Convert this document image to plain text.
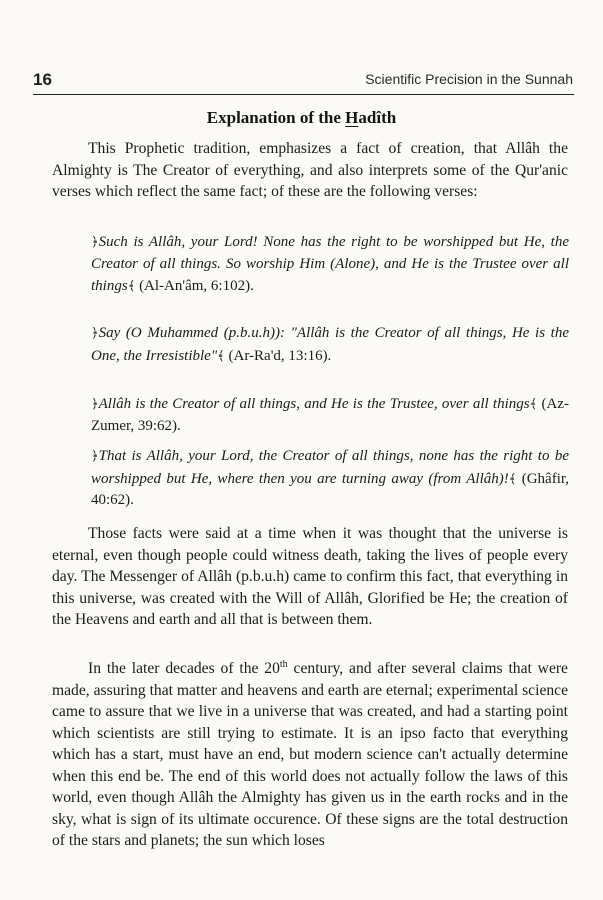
16	Scientific Precision in the Sunnah
Explanation of the Hadîth
This Prophetic tradition, emphasizes a fact of creation, that Allâh the Almighty is The Creator of everything, and also interprets some of the Qur'anic verses which reflect the same fact; of these are the following verses:
﴿Such is Allâh, your Lord! None has the right to be worshipped but He, the Creator of all things. So worship Him (Alone), and He is the Trustee over all things﴾ (Al-An'âm, 6:102).
﴿Say (O Muhammed (p.b.u.h)): "Allâh is the Creator of all things, He is the One, the Irresistible"﴾ (Ar-Ra'd, 13:16).
﴿Allâh is the Creator of all things, and He is the Trustee, over all things﴾ (Az-Zumer, 39:62).
﴿That is Allâh, your Lord, the Creator of all things, none has the right to be worshipped but He, where then you are turning away (from Allâh)!﴾ (Ghâfir, 40:62).
Those facts were said at a time when it was thought that the universe is eternal, even though people could witness death, taking the lives of people every day. The Messenger of Allâh (p.b.u.h) came to confirm this fact, that everything in this universe, was created with the Will of Allâh, Glorified be He; the creation of the Heavens and earth and all that is between them.
In the later decades of the 20th century, and after several claims that were made, assuring that matter and heavens and earth are eternal; experimental science came to assure that we live in a universe that was created, and had a starting point which scientists are still trying to estimate. It is an ipso facto that everything which has a start, must have an end, but modern science can't actually determine when this end be. The end of this world does not actually follow the laws of this world, even though Allâh the Almighty has given us in the earth rocks and in the sky, what is sign of its ultimate occurence. Of these signs are the total destruction of the stars and planets; the sun which loses
